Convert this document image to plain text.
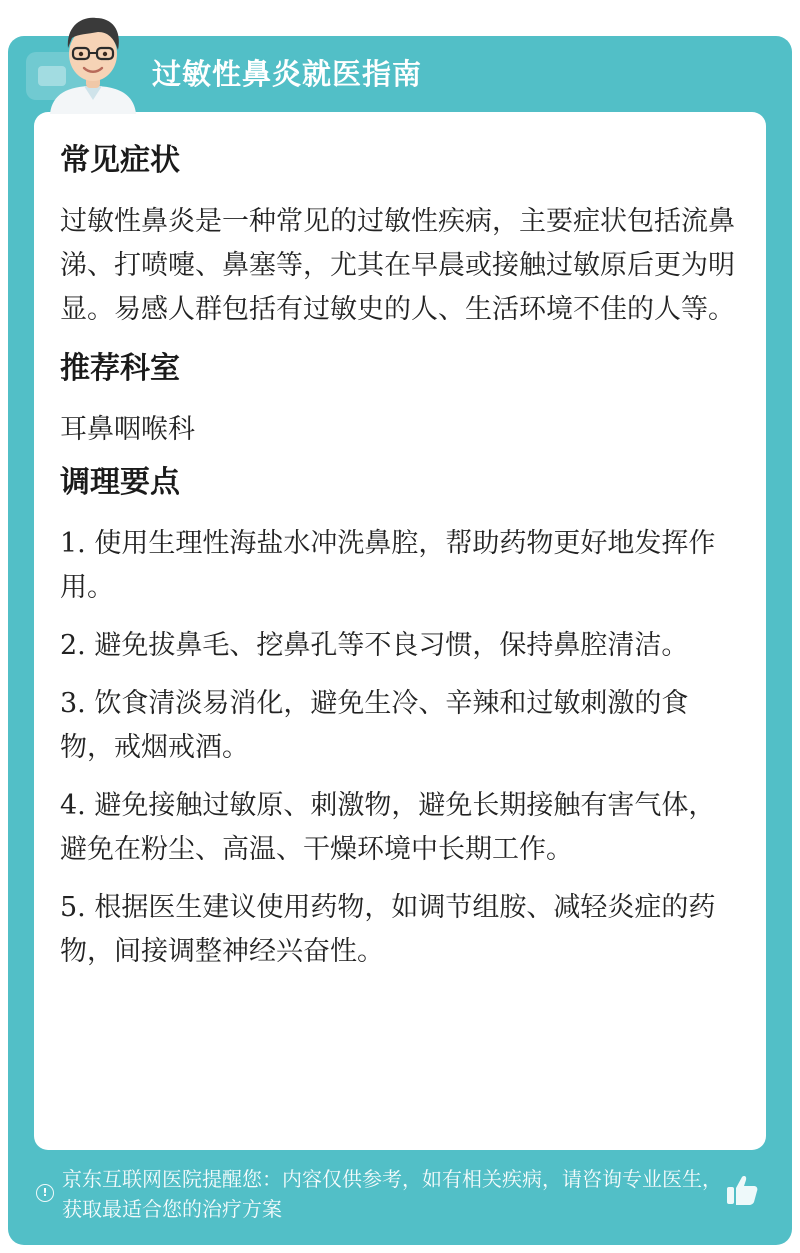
过敏性鼻炎就医指南
常见症状

过敏性鼻炎是一种常见的过敏性疾病，主要症状包括流鼻涕、打喷嚏、鼻塞等，尤其在早晨或接触过敏原后更为明显。易感人群包括有过敏史的人、生活环境不佳的人等。

推荐科室

耳鼻咽喉科

调理要点
1. 使用生理性海盐水冲洗鼻腔，帮助药物更好地发挥作用。
2. 避免拔鼻毛、挖鼻孔等不良习惯，保持鼻腔清洁。
3. 饮食清淡易消化，避免生冷、辛辣和过敏刺激的食物，戒烟戒酒。
4. 避免接触过敏原、刺激物，避免长期接触有害气体，避免在粉尘、高温、干燥环境中长期工作。
5. 根据医生建议使用药物，如调节组胺、减轻炎症的药物，间接调整神经兴奋性。
!
京东互联网医院提醒您：内容仅供参考，如有相关疾病，请咨询专业医生，获取最适合您的治疗方案
